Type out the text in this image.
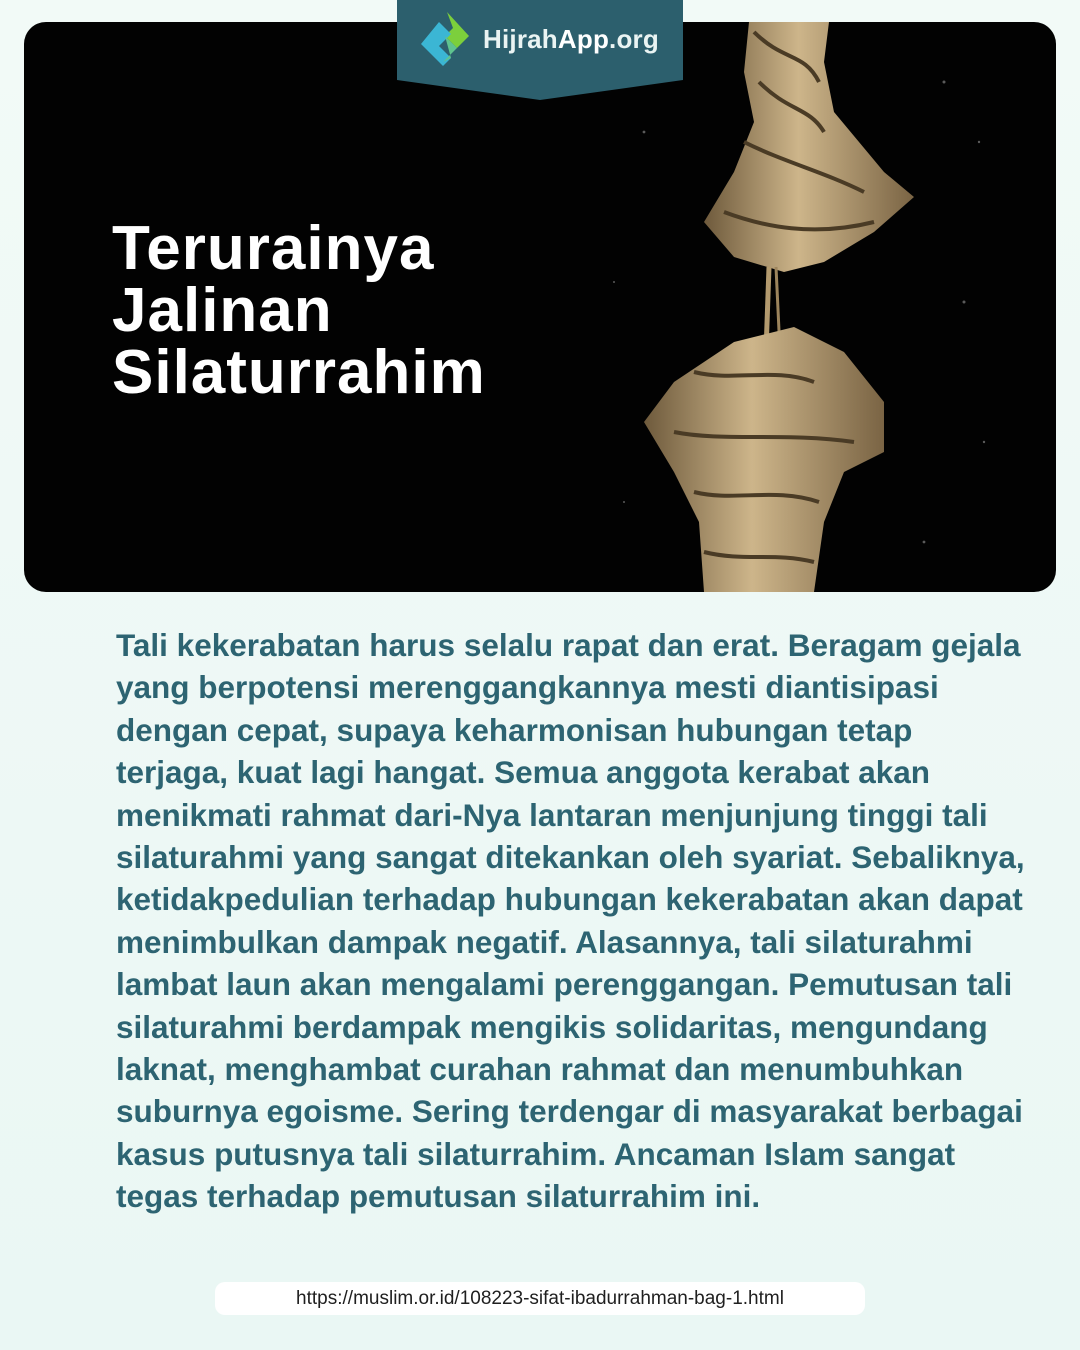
Terurainya
Jalinan
Silaturrahim
HijrahApp.org

Tali kekerabatan harus selalu rapat dan erat. Beragam gejala yang berpotensi merenggangkannya mesti diantisipasi dengan cepat, supaya keharmonisan hubungan tetap terjaga, kuat lagi hangat. Semua anggota kerabat akan menikmati rahmat dari-Nya lantaran menjunjung tinggi tali silaturahmi yang sangat ditekankan oleh syariat. Sebaliknya, ketidakpedulian terhadap hubungan kekerabatan akan dapat menimbulkan dampak negatif. Alasannya, tali silaturahmi lambat laun akan mengalami perenggangan. Pemutusan tali silaturahmi berdampak mengikis solidaritas, mengundang laknat, menghambat curahan rahmat dan menumbuhkan suburnya egoisme. Sering terdengar di masyarakat berbagai kasus putusnya tali silaturrahim. Ancaman Islam sangat tegas terhadap pemutusan silaturrahim ini.

https://muslim.or.id/108223-sifat-ibadurrahman-bag-1.html
